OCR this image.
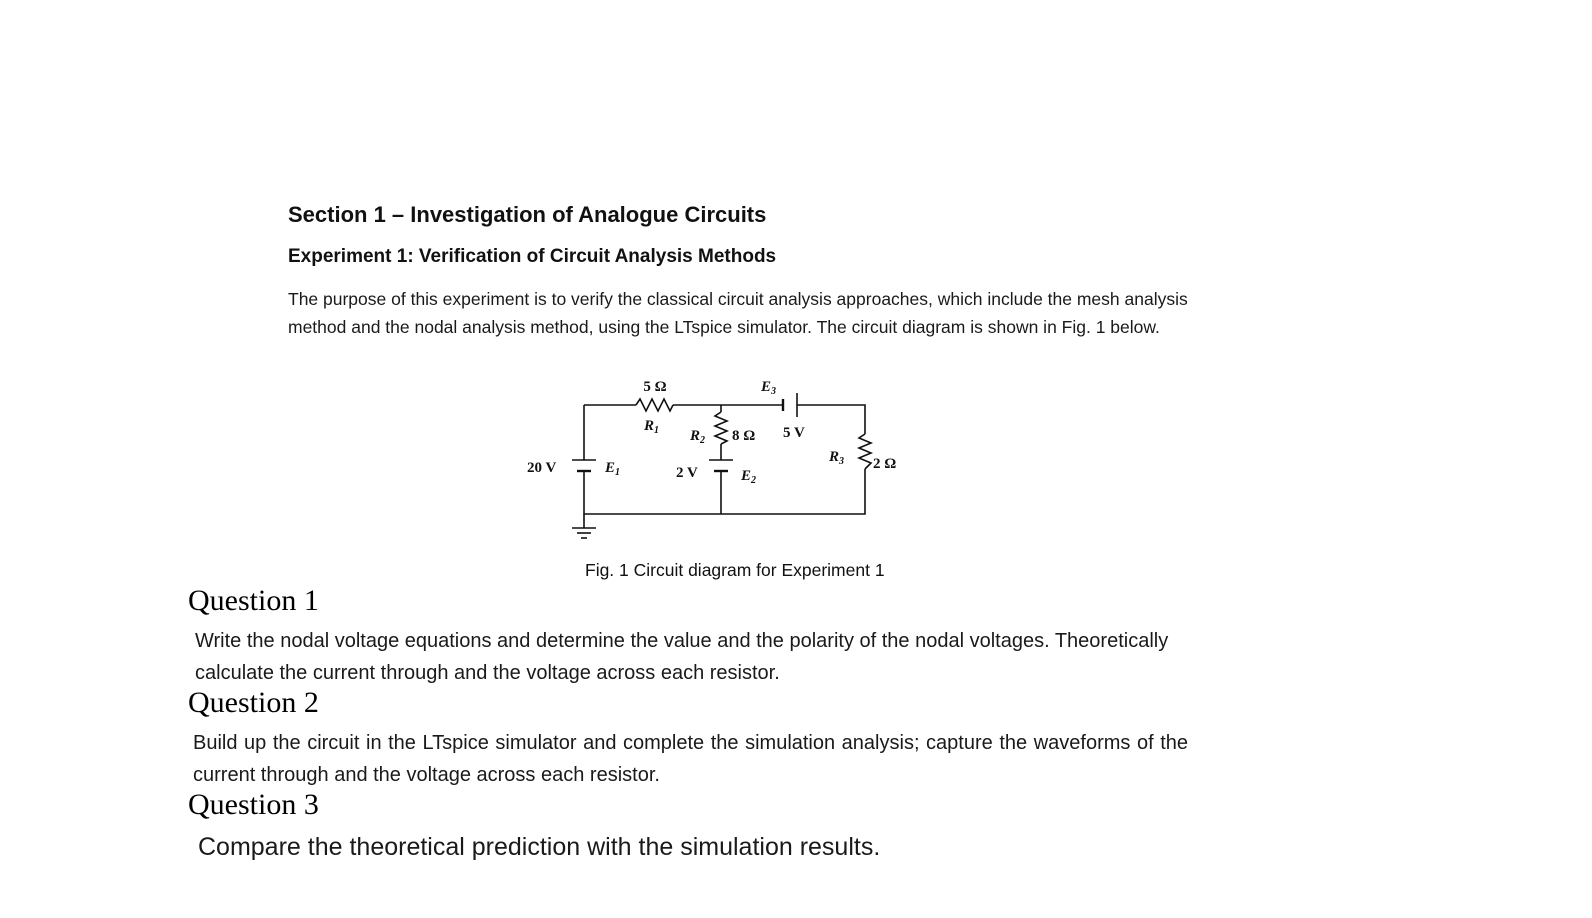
Section 1 – Investigation of Analogue Circuits
Experiment 1: Verification of Circuit Analysis Methods
The purpose of this experiment is to verify the classical circuit analysis approaches, which include the mesh analysis method and the nodal analysis method, using the LTspice simulator. The circuit diagram is shown in Fig. 1 below.
5 Ω
$R_1$ $R_2$ 8 Ω 5 V
$E_3$
$R_3$ 2 Ω
20 V	$E_1$	2 V	$E_2$
Fig. 1 Circuit diagram for Experiment 1
Question 1
Write the nodal voltage equations and determine the value and the polarity of the nodal voltages. Theoretically calculate the current through and the voltage across each resistor.
Question 2
Build up the circuit in the LTspice simulator and complete the simulation analysis; capture the waveforms of the current through and the voltage across each resistor.
Question 3
Compare the theoretical prediction with the simulation results.
